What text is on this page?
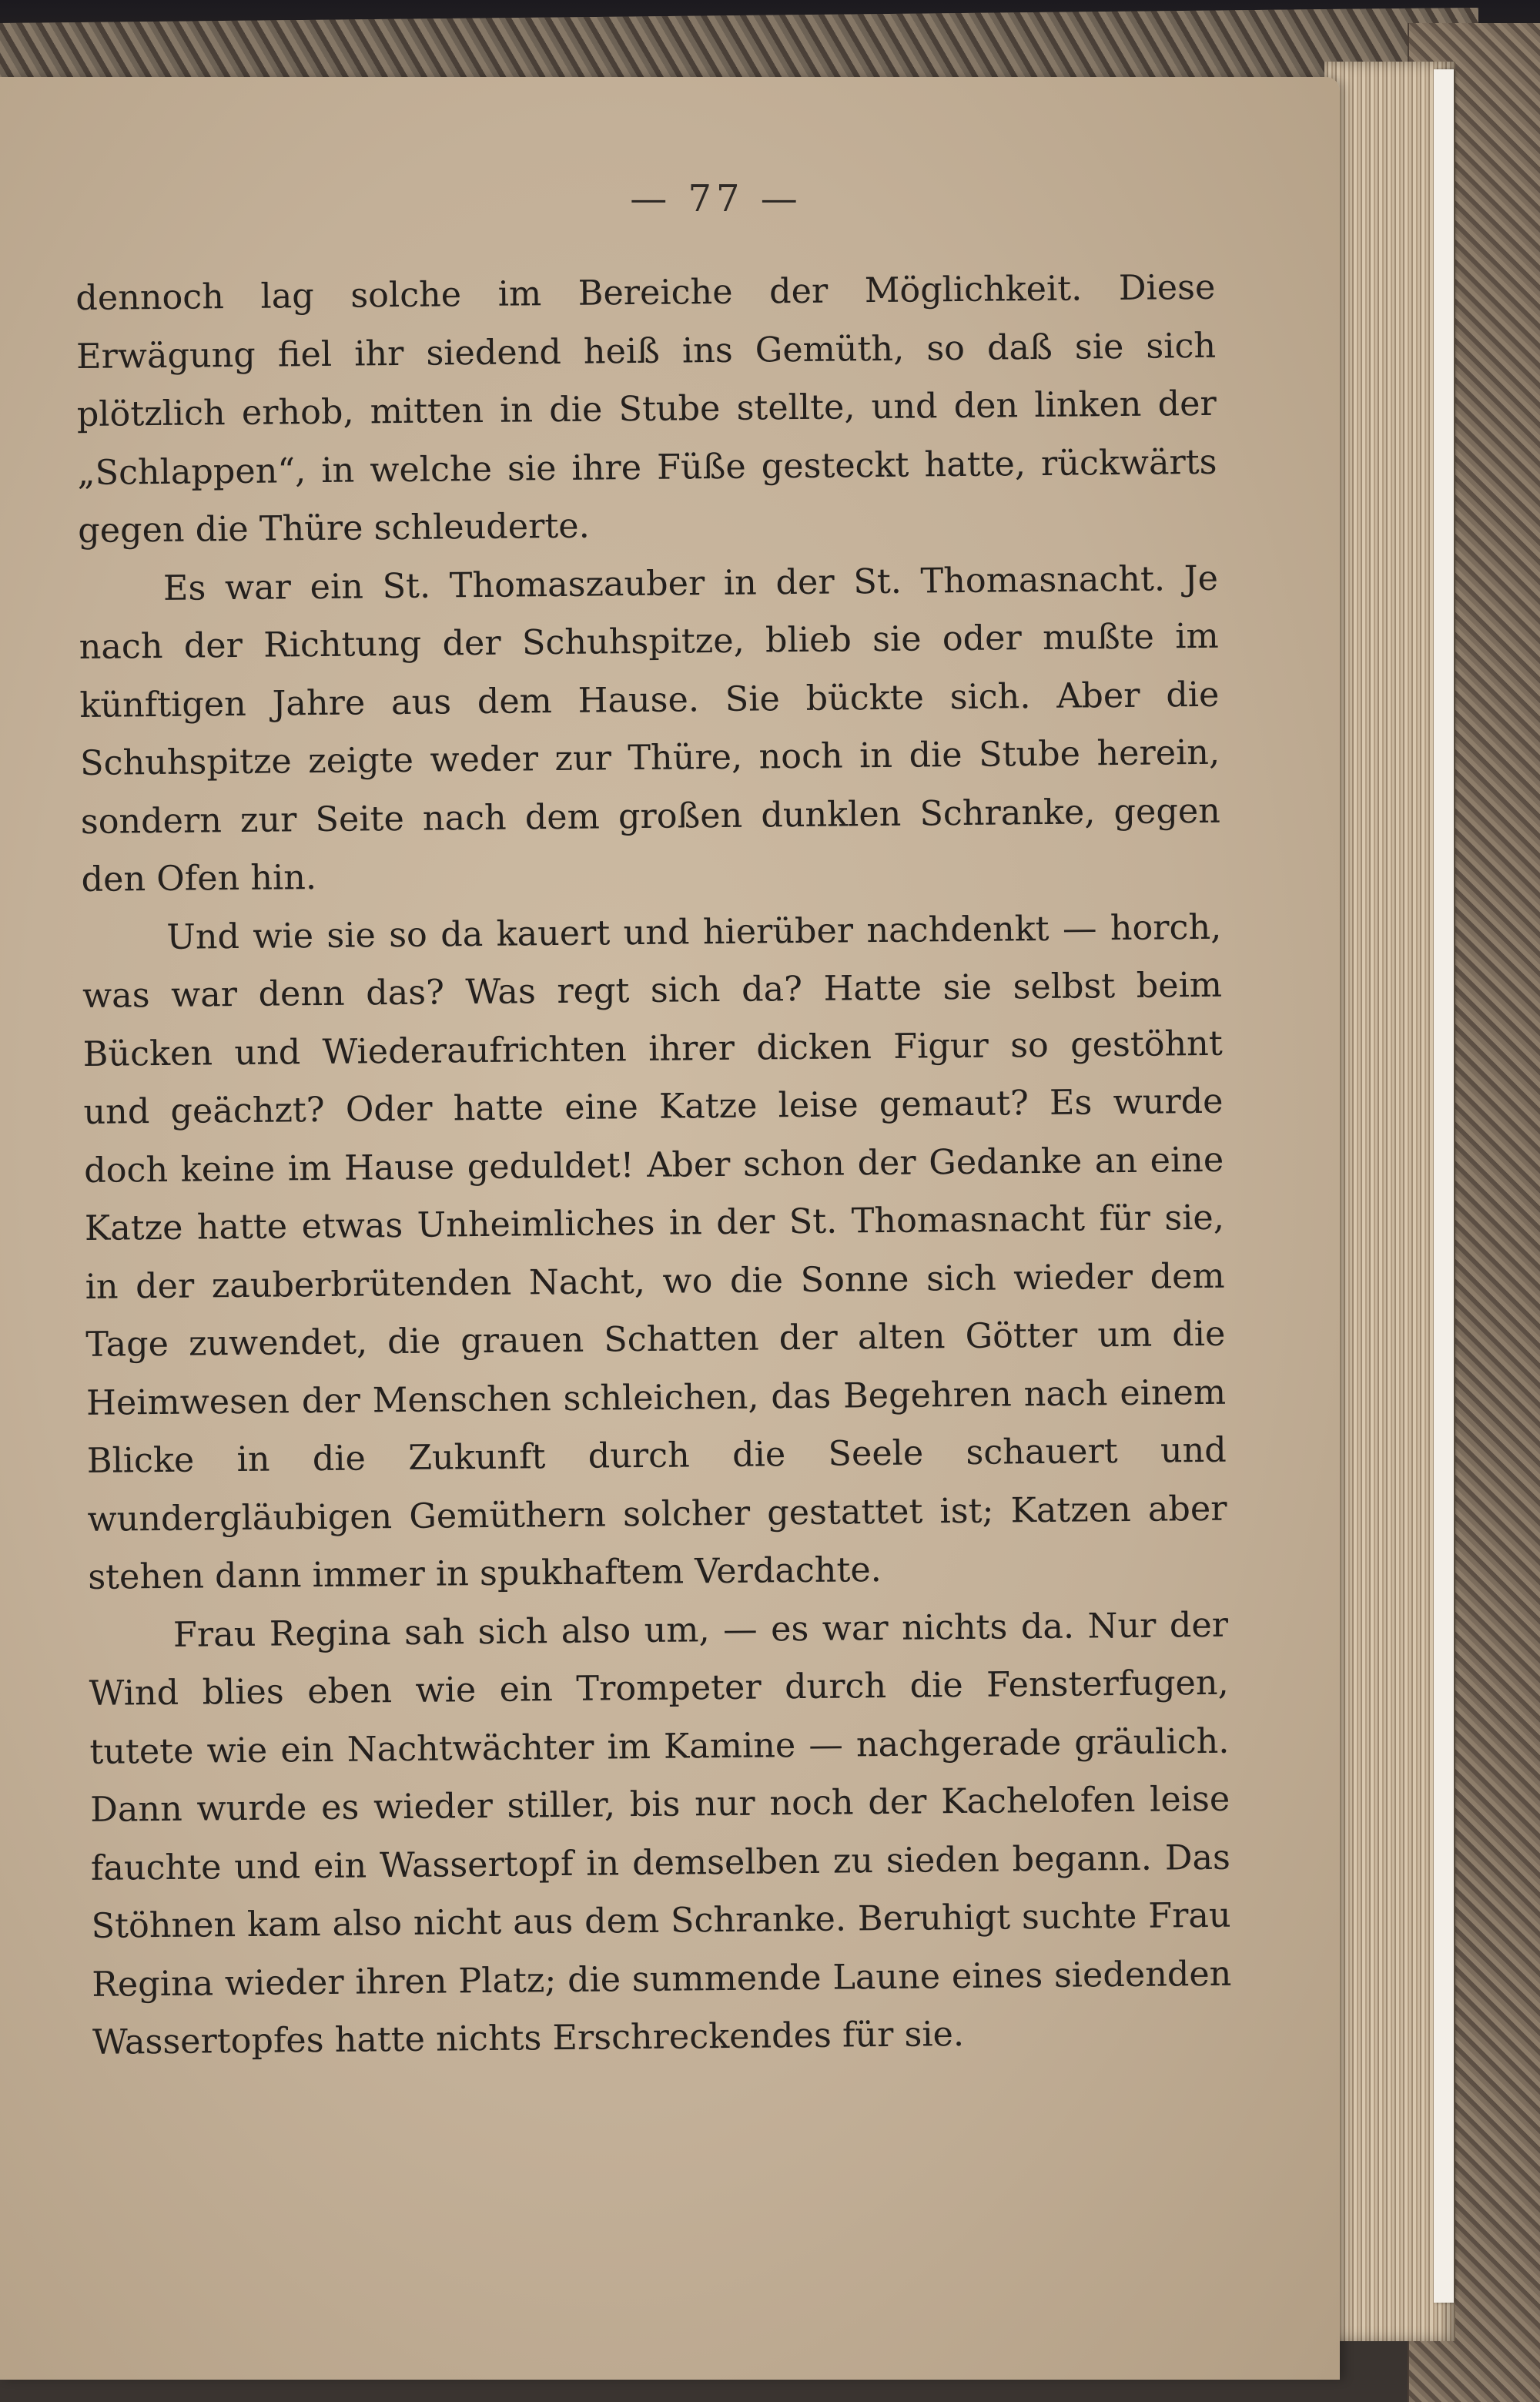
— 77 —

dennoch lag solche im Bereiche der Möglichkeit. Diese Erwägung fiel ihr siedend heiß ins Gemüth, so daß sie sich plötzlich erhob, mitten in die Stube stellte, und den linken der „Schlappen“, in welche sie ihre Füße gesteckt hatte, rückwärts gegen die Thüre schleuderte.

Es war ein St. Thomaszauber in der St. Thomasnacht. Je nach der Richtung der Schuhspitze, blieb sie oder mußte im künftigen Jahre aus dem Hause. Sie bückte sich. Aber die Schuhspitze zeigte weder zur Thüre, noch in die Stube herein, sondern zur Seite nach dem großen dunklen Schranke, gegen den Ofen hin.

Und wie sie so da kauert und hierüber nachdenkt — horch, was war denn das? Was regt sich da? Hatte sie selbst beim Bücken und Wiederaufrichten ihrer dicken Figur so gestöhnt und geächzt? Oder hatte eine Katze leise gemaut? Es wurde doch keine im Hause geduldet! Aber schon der Gedanke an eine Katze hatte etwas Unheimliches in der St. Thomasnacht für sie, in der zauberbrütenden Nacht, wo die Sonne sich wieder dem Tage zuwendet, die grauen Schatten der alten Götter um die Heimwesen der Menschen schleichen, das Begehren nach einem Blicke in die Zukunft durch die Seele schauert und wundergläubigen Gemüthern solcher gestattet ist; Katzen aber stehen dann immer in spukhaftem Verdachte.

Frau Regina sah sich also um, — es war nichts da. Nur der Wind blies eben wie ein Trompeter durch die Fensterfugen, tutete wie ein Nachtwächter im Kamine — nachgerade gräulich. Dann wurde es wieder stiller, bis nur noch der Kachelofen leise fauchte und ein Wassertopf in demselben zu sieden begann. Das Stöhnen kam also nicht aus dem Schranke. Beruhigt suchte Frau Regina wieder ihren Platz; die summende Laune eines siedenden Wassertopfes hatte nichts Erschreckendes für sie.
